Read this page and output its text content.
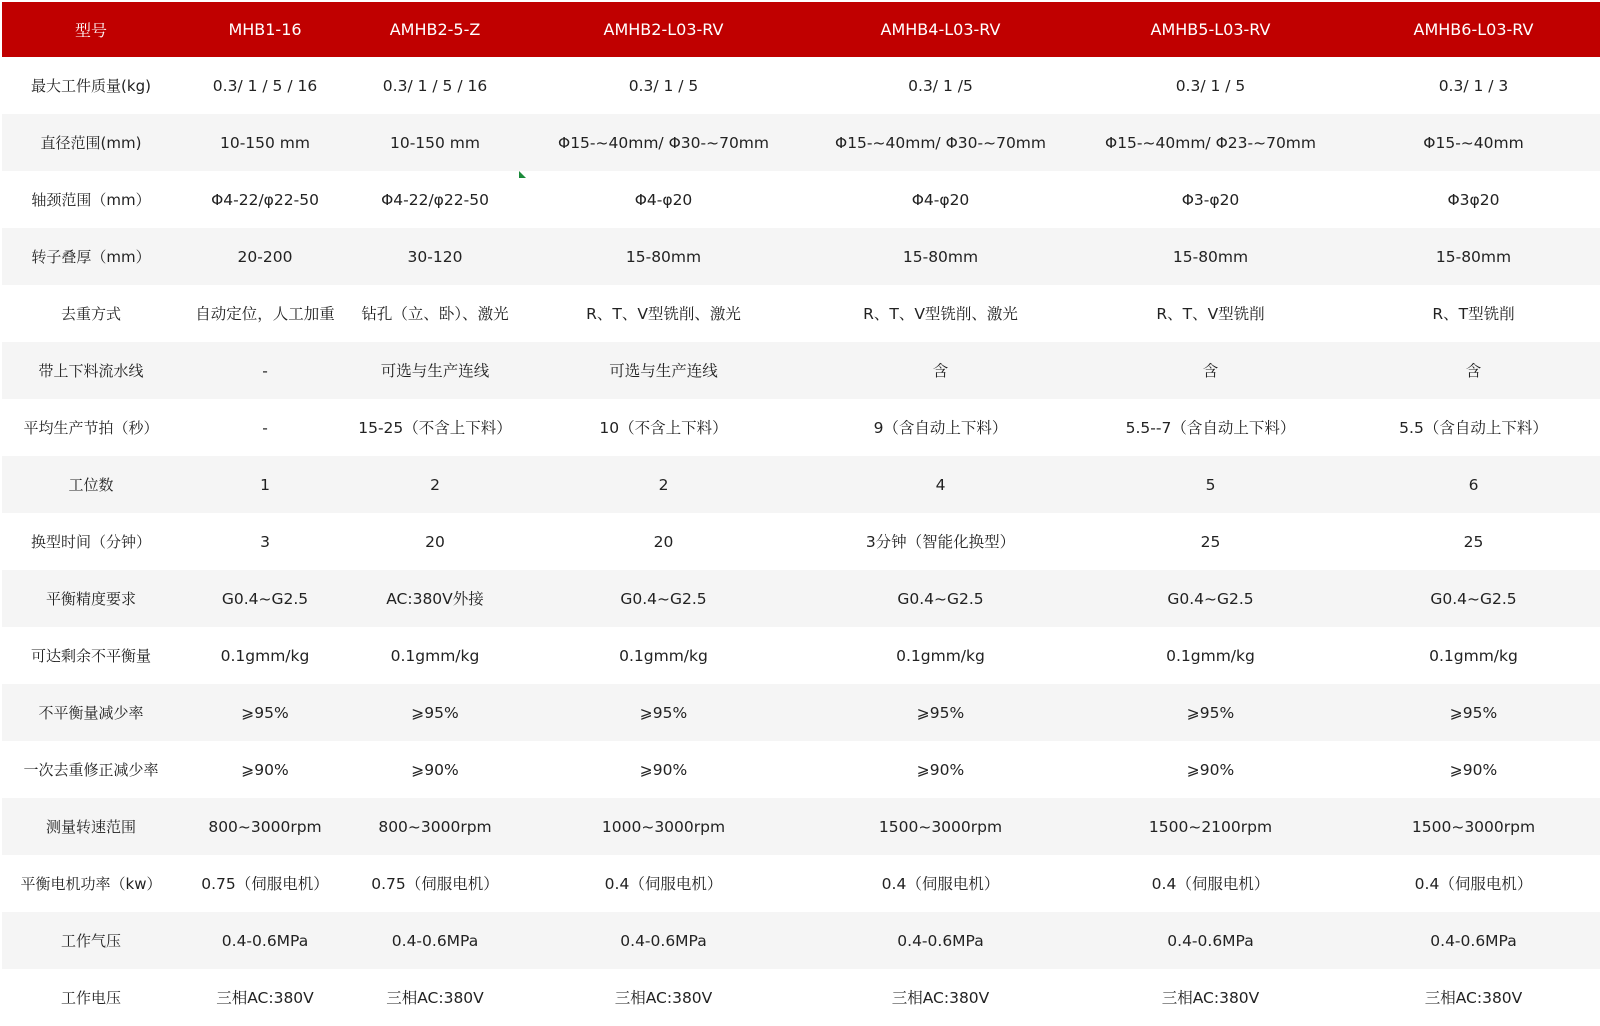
型号	MHB1-16	AMHB2-5-Z	AMHB2-L03-RV	AMHB4-L03-RV	AMHB5-L03-RV	AMHB6-L03-RV
最大工件质量(kg)	0.3/ 1 / 5 / 16	0.3/ 1 / 5 / 16	0.3/ 1 / 5	0.3/ 1 /5	0.3/ 1 / 5	0.3/ 1 / 3
直径范围(mm)	10-150 mm	10-150 mm	Φ15-~40mm/ Φ30-~70mm	Φ15-~40mm/ Φ30-~70mm	Φ15-~40mm/ Φ23-~70mm	Φ15-~40mm
轴颈范围（mm）	Φ4-22/φ22-50	Φ4-22/φ22-50	Φ4-φ20	Φ4-φ20	Φ3-φ20	Φ3φ20
转子叠厚（mm）	20-200	30-120	15-80mm	15-80mm	15-80mm	15-80mm
去重方式	自动定位，人工加重	钻孔（立、卧）、激光	R、T、V型铣削、激光	R、T、V型铣削、激光	R、T、V型铣削	R、T型铣削
带上下料流水线	-	可选与生产连线	可选与生产连线	含	含	含
平均生产节拍（秒）	-	15-25（不含上下料）	10（不含上下料）	9（含自动上下料）	5.5--7（含自动上下料）	5.5（含自动上下料）
工位数	1	2	2	4	5	6
换型时间（分钟）	3	20	20	3分钟（智能化换型）	25	25
平衡精度要求	G0.4~G2.5	AC:380V外接	G0.4~G2.5	G0.4~G2.5	G0.4~G2.5	G0.4~G2.5
可达剩余不平衡量	0.1gmm/kg	0.1gmm/kg	0.1gmm/kg	0.1gmm/kg	0.1gmm/kg	0.1gmm/kg
不平衡量减少率	⩾95%	⩾95%	⩾95%	⩾95%	⩾95%	⩾95%
一次去重修正减少率	⩾90%	⩾90%	⩾90%	⩾90%	⩾90%	⩾90%
测量转速范围	800~3000rpm	800~3000rpm	1000~3000rpm	1500~3000rpm	1500~2100rpm	1500~3000rpm
平衡电机功率（kw）	0.75（伺服电机）	0.75（伺服电机）	0.4（伺服电机）	0.4（伺服电机）	0.4（伺服电机）	0.4（伺服电机）
工作气压	0.4-0.6MPa	0.4-0.6MPa	0.4-0.6MPa	0.4-0.6MPa	0.4-0.6MPa	0.4-0.6MPa
工作电压	三相AC:380V	三相AC:380V	三相AC:380V	三相AC:380V	三相AC:380V	三相AC:380V
